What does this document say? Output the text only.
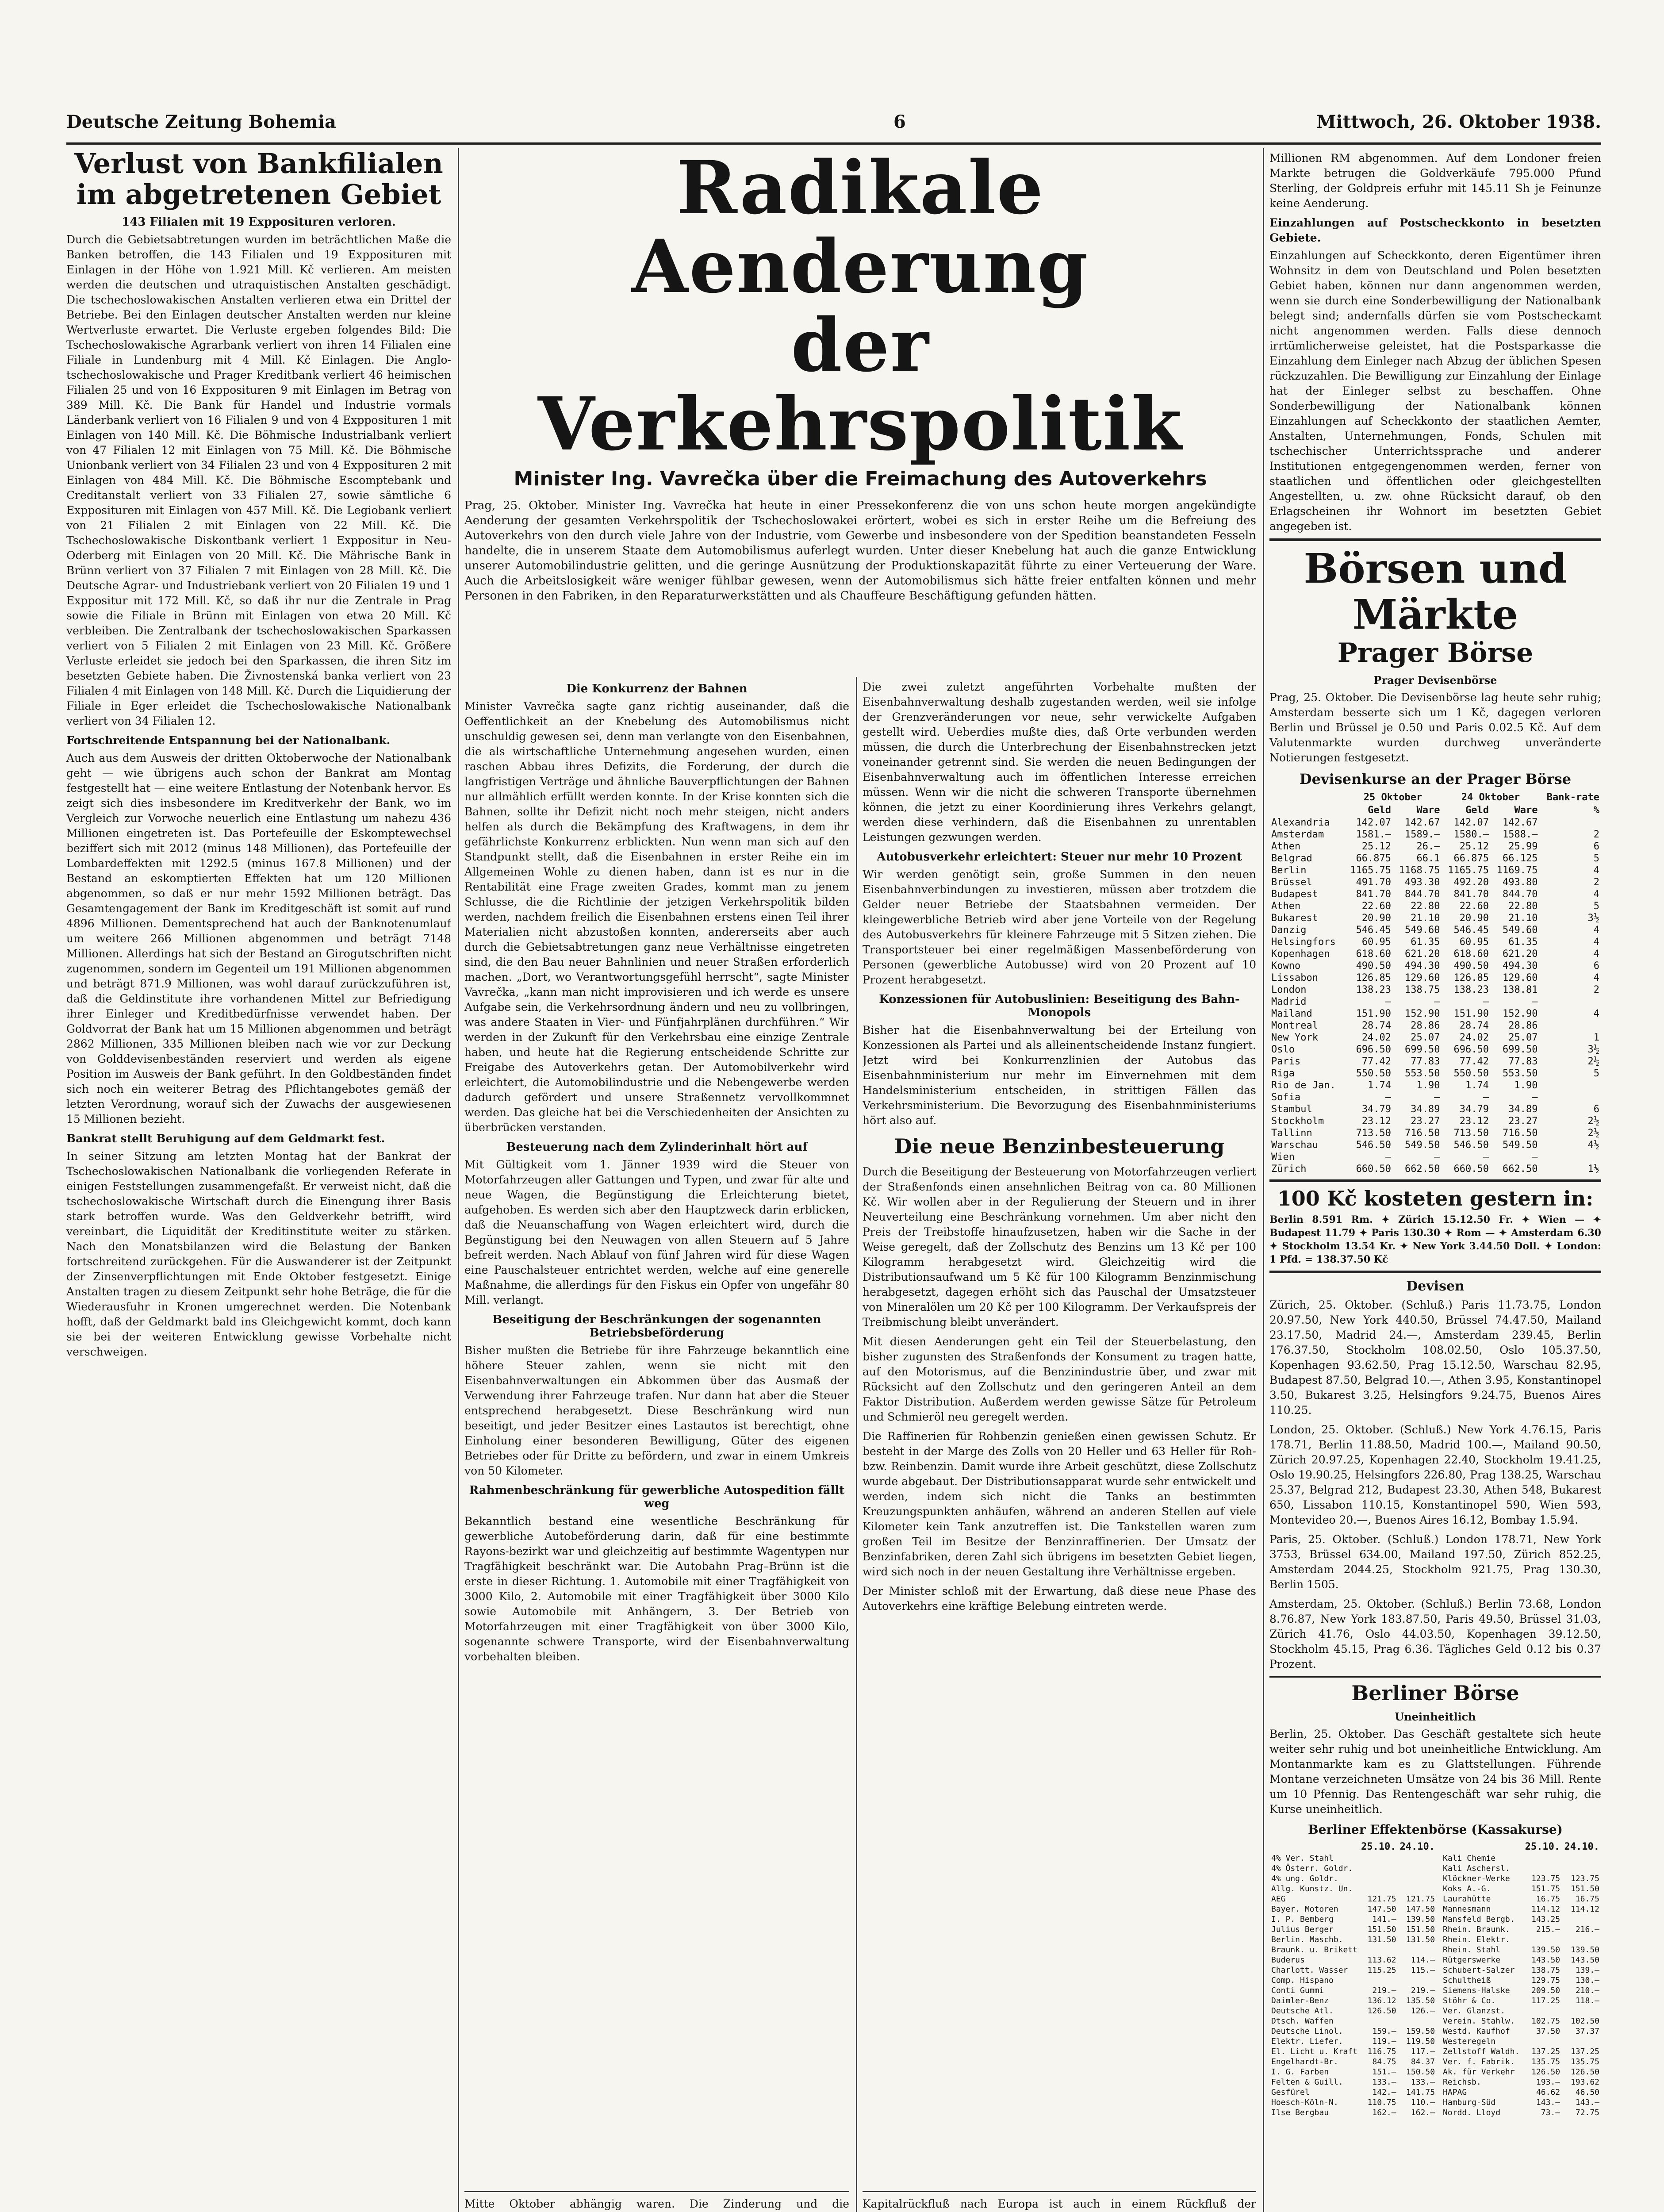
Deutsche Zeitung Bohemia	6	Mittwoch, 26. Oktober 1938.
Verlust von Bankfilialen
im abgetretenen Gebiet
143 Filialen mit 19 Expposituren verloren.
Durch die Gebietsabtretungen wurden im beträchtlichen Maße die Banken betroffen, die 143 Filialen und 19 Expposituren mit Einlagen in der Höhe von 1.921 Mill. Kč verlieren. Am meisten werden die deutschen und utraquistischen Anstalten geschädigt. Die tschechoslowakischen Anstalten verlieren etwa ein Drittel der Betriebe. Bei den Einlagen deutscher Anstalten werden nur kleine Wertverluste erwartet. Die Verluste ergeben folgendes Bild: Die Tschechoslowakische Agrarbank verliert von ihren 14 Filialen eine Filiale in Lundenburg mit 4 Mill. Kč Einlagen. Die Anglo-tschechoslowakische und Prager Kreditbank verliert 46 heimischen Filialen 25 und von 16 Expposituren 9 mit Einlagen im Betrag von 389 Mill. Kč. Die Bank für Handel und Industrie vormals Länderbank verliert von 16 Filialen 9 und von 4 Expposituren 1 mit Einlagen von 140 Mill. Kč. Die Böhmische Industrialbank verliert von 47 Filialen 12 mit Einlagen von 75 Mill. Kč. Die Böhmische Unionbank verliert von 34 Filialen 23 und von 4 Expposituren 2 mit Einlagen von 484 Mill. Kč. Die Böhmische Escomptebank und Creditanstalt verliert von 33 Filialen 27, sowie sämtliche 6 Expposituren mit Einlagen von 457 Mill. Kč. Die Legiobank verliert von 21 Filialen 2 mit Einlagen von 22 Mill. Kč. Die Tschechoslowakische Diskontbank verliert 1 Exppositur in Neu-Oderberg mit Einlagen von 20 Mill. Kč. Die Mährische Bank in Brünn verliert von 37 Filialen 7 mit Einlagen von 28 Mill. Kč. Die Deutsche Agrar- und Industriebank verliert von 20 Filialen 19 und 1 Exppositur mit 172 Mill. Kč, so daß ihr nur die Zentrale in Prag sowie die Filiale in Brünn mit Einlagen von etwa 20 Mill. Kč verbleiben. Die Zentralbank der tschechoslowakischen Sparkassen verliert von 5 Filialen 2 mit Einlagen von 23 Mill. Kč. Größere Verluste erleidet sie jedoch bei den Sparkassen, die ihren Sitz im besetzten Gebiete haben. Die Živnostenská banka verliert von 23 Filialen 4 mit Einlagen von 148 Mill. Kč. Durch die Liquidierung der Filiale in Eger erleidet die Tschechoslowakische Nationalbank verliert von 34 Filialen 12.
Fortschreitende Entspannung bei der Nationalbank.
Auch aus dem Ausweis der dritten Oktoberwoche der Nationalbank geht — wie übrigens auch schon der Bankrat am Montag festgestellt hat — eine weitere Entlastung der Notenbank hervor. Es zeigt sich dies insbesondere im Kreditverkehr der Bank, wo im Vergleich zur Vorwoche neuerlich eine Entlastung um nahezu 436 Millionen eingetreten ist. Das Portefeuille der Eskomptewechsel beziffert sich mit 2012 (minus 148 Millionen), das Portefeuille der Lombardeffekten mit 1292.5 (minus 167.8 Millionen) und der Bestand an eskomptierten Effekten hat um 120 Millionen abgenommen, so daß er nur mehr 1592 Millionen beträgt. Das Gesamtengagement der Bank im Kreditgeschäft ist somit auf rund 4896 Millionen. Dementsprechend hat auch der Banknotenumlauf um weitere 266 Millionen abgenommen und beträgt 7148 Millionen. Allerdings hat sich der Bestand an Girogutschriften nicht zugenommen, sondern im Gegenteil um 191 Millionen abgenommen und beträgt 871.9 Millionen, was wohl darauf zurückzuführen ist, daß die Geldinstitute ihre vorhandenen Mittel zur Befriedigung ihrer Einleger und Kreditbedürfnisse verwendet haben. Der Goldvorrat der Bank hat um 15 Millionen abgenommen und beträgt 2862 Millionen, 335 Millionen bleiben nach wie vor zur Deckung von Golddevisenbeständen reserviert und werden als eigene Position im Ausweis der Bank geführt. In den Goldbeständen findet sich noch ein weiterer Betrag des Pflichtangebotes gemäß der letzten Verordnung, worauf sich der Zuwachs der ausgewiesenen 15 Millionen bezieht.
Bankrat stellt Beruhigung auf dem Geldmarkt fest.
In seiner Sitzung am letzten Montag hat der Bankrat der Tschechoslowakischen Nationalbank die vorliegenden Referate in einigen Feststellungen zusammengefaßt. Er verweist nicht, daß die tschechoslowakische Wirtschaft durch die Einengung ihrer Basis stark betroffen wurde. Was den Geldverkehr betrifft, wird vereinbart, die Liquidität der Kreditinstitute weiter zu stärken. Nach den Monatsbilanzen wird die Belastung der Banken fortschreitend zurückgehen. Für die Auswanderer ist der Zeitpunkt der Zinsenverpflichtungen mit Ende Oktober festgesetzt. Einige Anstalten tragen zu diesem Zeitpunkt sehr hohe Beträge, die für die Wiederausfuhr in Kronen umgerechnet werden. Die Notenbank hofft, daß der Geldmarkt bald ins Gleichgewicht kommt, doch kann sie bei der weiteren Entwicklung gewisse Vorbehalte nicht verschweigen.
Radikale Aenderung
der Verkehrspolitik
Minister Ing. Vavrečka über die Freimachung des Autoverkehrs
Prag, 25. Oktober. Minister Ing. Vavrečka hat heute in einer Pressekonferenz die von uns schon heute morgen angekündigte Aenderung der gesamten Verkehrspolitik der Tschechoslowakei erörtert, wobei es sich in erster Reihe um die Befreiung des Autoverkehrs von den durch viele Jahre von der Industrie, vom Gewerbe und insbesondere von der Spedition beanstandeten Fesseln handelte, die in unserem Staate dem Automobilismus auferlegt wurden. Unter dieser Knebelung hat auch die ganze Entwicklung unserer Automobilindustrie gelitten, und die geringe Ausnützung der Produktionskapazität führte zu einer Verteuerung der Ware. Auch die Arbeitslosigkeit wäre weniger fühlbar gewesen, wenn der Automobilismus sich hätte freier entfalten können und mehr Personen in den Fabriken, in den Reparaturwerkstätten und als Chauffeure Beschäftigung gefunden hätten.
Die Konkurrenz der Bahnen
Minister Vavrečka sagte ganz richtig auseinander, daß die Oeffentlichkeit an der Knebelung des Automobilismus nicht unschuldig gewesen sei, denn man verlangte von den Eisenbahnen, die als wirtschaftliche Unternehmung angesehen wurden, einen raschen Abbau ihres Defizits, die Forderung, der durch die langfristigen Verträge und ähnliche Bauverpflichtungen der Bahnen nur allmählich erfüllt werden konnte. In der Krise konnten sich die Bahnen, sollte ihr Defizit nicht noch mehr steigen, nicht anders helfen als durch die Bekämpfung des Kraftwagens, in dem ihr gefährlichste Konkurrenz erblickten. Nun wenn man sich auf den Standpunkt stellt, daß die Eisenbahnen in erster Reihe ein im Allgemeinen Wohle zu dienen haben, dann ist es nur in die Rentabilität eine Frage zweiten Grades, kommt man zu jenem Schlusse, die die Richtlinie der jetzigen Verkehrspolitik bilden werden, nachdem freilich die Eisenbahnen erstens einen Teil ihrer Materialien nicht abzustoßen konnten, andererseits aber auch durch die Gebietsabtretungen ganz neue Verhältnisse eingetreten sind, die den Bau neuer Bahnlinien und neuer Straßen erforderlich machen. „Dort, wo Verantwortungsgefühl herrscht“, sagte Minister Vavrečka, „kann man nicht improvisieren und ich werde es unsere Aufgabe sein, die Verkehrsordnung ändern und neu zu vollbringen, was andere Staaten in Vier- und Fünfjahrplänen durchführen.“ Wir werden in der Zukunft für den Verkehrsbau eine einzige Zentrale haben, und heute hat die Regierung entscheidende Schritte zur Freigabe des Autoverkehrs getan. Der Automobilverkehr wird erleichtert, die Automobilindustrie und die Nebengewerbe werden dadurch gefördert und unsere Straßennetz vervollkommnet werden. Das gleiche hat bei die Verschiedenheiten der Ansichten zu überbrücken verstanden.
Besteuerung nach dem Zylinderinhalt hört auf
Mit Gültigkeit vom 1. Jänner 1939 wird die Steuer von Motorfahrzeugen aller Gattungen und Typen, und zwar für alte und neue Wagen, die Begünstigung die Erleichterung bietet, aufgehoben. Es werden sich aber den Hauptzweck darin erblicken, daß die Neuanschaffung von Wagen erleichtert wird, durch die Begünstigung bei den Neuwagen von allen Steuern auf 5 Jahre befreit werden. Nach Ablauf von fünf Jahren wird für diese Wagen eine Pauschalsteuer entrichtet werden, welche auf eine generelle Maßnahme, die allerdings für den Fiskus ein Opfer von ungefähr 80 Mill. verlangt.
Beseitigung der Beschränkungen der sogenannten Betriebsbeförderung
Bisher mußten die Betriebe für ihre Fahrzeuge bekanntlich eine höhere Steuer zahlen, wenn sie nicht mit den Eisenbahnverwaltungen ein Abkommen über das Ausmaß der Verwendung ihrer Fahrzeuge trafen. Nur dann hat aber die Steuer entsprechend herabgesetzt. Diese Beschränkung wird nun beseitigt, und jeder Besitzer eines Lastautos ist berechtigt, ohne Einholung einer besonderen Bewilligung, Güter des eigenen Betriebes oder für Dritte zu befördern, und zwar in einem Umkreis von 50 Kilometer.
Rahmenbeschränkung für gewerbliche Autospedition fällt weg
Bekanntlich bestand eine wesentliche Beschränkung für gewerbliche Autobeförderung darin, daß für eine bestimmte Rayons-bezirkt war und gleichzeitig auf bestimmte Wagentypen nur Tragfähigkeit beschränkt war. Die Autobahn Prag–Brünn ist die erste in dieser Richtung. 1. Automobile mit einer Tragfähigkeit von 3000 Kilo, 2. Automobile mit einer Tragfähigkeit über 3000 Kilo sowie Automobile mit Anhängern, 3. Der Betrieb von Motorfahrzeugen mit einer Tragfähigkeit von über 3000 Kilo, sogenannte schwere Transporte, wird der Eisenbahnverwaltung vorbehalten bleiben.
Mitte Oktober abhängig waren. Die Zinderung und die
Die zwei zuletzt angeführten Vorbehalte mußten der Eisenbahnverwaltung deshalb zugestanden werden, weil sie infolge der Grenzveränderungen vor neue, sehr verwickelte Aufgaben gestellt wird. Ueberdies mußte dies, daß Orte verbunden werden müssen, die durch die Unterbrechung der Eisenbahnstrecken jetzt voneinander getrennt sind. Sie werden die neuen Bedingungen der Eisenbahnverwaltung auch im öffentlichen Interesse erreichen müssen. Wenn wir die nicht die schweren Transporte übernehmen können, die jetzt zu einer Koordinierung ihres Verkehrs gelangt, werden diese verhindern, daß die Eisenbahnen zu unrentablen Leistungen gezwungen werden.
Autobusverkehr erleichtert: Steuer nur mehr 10 Prozent
Wir werden genötigt sein, große Summen in den neuen Eisenbahnverbindungen zu investieren, müssen aber trotzdem die Gelder neuer Betriebe der Staatsbahnen vermeiden. Der kleingewerbliche Betrieb wird aber jene Vorteile von der Regelung des Autobusverkehrs für kleinere Fahrzeuge mit 5 Sitzen ziehen. Die Transportsteuer bei einer regelmäßigen Massenbeförderung von Personen (gewerbliche Autobusse) wird von 20 Prozent auf 10 Prozent herabgesetzt.
Konzessionen für Autobuslinien: Beseitigung des Bahn-Monopols
Bisher hat die Eisenbahnverwaltung bei der Erteilung von Konzessionen als Partei und als alleinentscheidende Instanz fungiert. Jetzt wird bei Konkurrenzlinien der Autobus das Eisenbahnministerium nur mehr im Einvernehmen mit dem Handelsministerium entscheiden, in strittigen Fällen das Verkehrsministerium. Die Bevorzugung des Eisenbahnministeriums hört also auf.
Die neue Benzinbesteuerung
Durch die Beseitigung der Besteuerung von Motorfahrzeugen verliert der Straßenfonds einen ansehnlichen Beitrag von ca. 80 Millionen Kč. Wir wollen aber in der Regulierung der Steuern und in ihrer Neuverteilung eine Beschränkung vornehmen. Um aber nicht den Preis der Treibstoffe hinaufzusetzen, haben wir die Sache in der Weise geregelt, daß der Zollschutz des Benzins um 13 Kč per 100 Kilogramm herabgesetzt wird. Gleichzeitig wird die Distributionsaufwand um 5 Kč für 100 Kilogramm Benzinmischung herabgesetzt, dagegen erhöht sich das Pauschal der Umsatzsteuer von Mineralölen um 20 Kč per 100 Kilogramm. Der Verkaufspreis der Treibmischung bleibt unverändert.
Mit diesen Aenderungen geht ein Teil der Steuerbelastung, den bisher zugunsten des Straßenfonds der Konsument zu tragen hatte, auf den Motorismus, auf die Benzinindustrie über, und zwar mit Rücksicht auf den Zollschutz und den geringeren Anteil an dem Faktor Distribution. Außerdem werden gewisse Sätze für Petroleum und Schmieröl neu geregelt werden.
Die Raffinerien für Rohbenzin genießen einen gewissen Schutz. Er besteht in der Marge des Zolls von 20 Heller und 63 Heller für Roh- bzw. Reinbenzin. Damit wurde ihre Arbeit geschützt, diese Zollschutz wurde abgebaut. Der Distributionsapparat wurde sehr entwickelt und werden, indem sich nicht die Tanks an bestimmten Kreuzungspunkten anhäufen, während an anderen Stellen auf viele Kilometer kein Tank anzutreffen ist. Die Tankstellen waren zum großen Teil im Besitze der Benzinraffinerien. Der Umsatz der Benzinfabriken, deren Zahl sich übrigens im besetzten Gebiet liegen, wird sich noch in der neuen Gestaltung ihre Verhältnisse ergeben.
Der Minister schloß mit der Erwartung, daß diese neue Phase des Autoverkehrs eine kräftige Belebung eintreten werde.
Kapitalrückfluß nach Europa ist auch in einem Rückfluß der
Millionen RM abgenommen. Auf dem Londoner freien Markte betrugen die Goldverkäufe 795.000 Pfund Sterling, der Goldpreis erfuhr mit 145.11 Sh je Feinunze keine Aenderung.
Einzahlungen auf Postscheckkonto in besetzten Gebiete.
Einzahlungen auf Scheckkonto, deren Eigentümer ihren Wohnsitz in dem von Deutschland und Polen besetzten Gebiet haben, können nur dann angenommen werden, wenn sie durch eine Sonderbewilligung der Nationalbank belegt sind; andernfalls dürfen sie vom Postscheckamt nicht angenommen werden. Falls diese dennoch irrtümlicherweise geleistet, hat die Postsparkasse die Einzahlung dem Einleger nach Abzug der üblichen Spesen rückzuzahlen. Die Bewilligung zur Einzahlung der Einlage hat der Einleger selbst zu beschaffen. Ohne Sonderbewilligung der Nationalbank können Einzahlungen auf Scheckkonto der staatlichen Aemter, Anstalten, Unternehmungen, Fonds, Schulen mit tschechischer Unterrichtssprache und anderer Institutionen entgegengenommen werden, ferner von staatlichen und öffentlichen oder gleichgestellten Angestellten, u. zw. ohne Rücksicht darauf, ob den Erlagscheinen ihr Wohnort im besetzten Gebiet angegeben ist.
Börsen und Märkte
Prager Börse
Prager Devisenbörse
Prag, 25. Oktober. Die Devisenbörse lag heute sehr ruhig; Amsterdam besserte sich um 1 Kč, dagegen verloren Berlin und Brüssel je 0.50 und Paris 0.02.5 Kč. Auf dem Valutenmarkte wurden durchweg unveränderte Notierungen festgesetzt.
Devisenkurse an der Prager Börse
	25 Oktober		24 Oktober		Bank-rate
	Geld	Ware	Geld	Ware	%
Alexandria	142.07	142.67	142.07	142.67	
Amsterdam	1581.—	1589.—	1580.—	1588.—	2
Athen	25.12	26.—	25.12	25.99	6
Belgrad	66.875	66.1	66.875	66.125	5
Berlin	1165.75	1168.75	1165.75	1169.75	4
Brüssel	491.70	493.30	492.20	493.80	2
Budapest	841.70	844.70	841.70	844.70	4
Athen	22.60	22.80	22.60	22.80	5
Bukarest	20.90	21.10	20.90	21.10	3½
Danzig	546.45	549.60	546.45	549.60	4
Helsingfors	60.95	61.35	60.95	61.35	4
Kopenhagen	618.60	621.20	618.60	621.20	4
Kowno	490.50	494.30	490.50	494.30	6
Lissabon	126.85	129.60	126.85	129.60	4
London	138.23	138.75	138.23	138.81	2
Madrid	—	—	—	—	
Mailand	151.90	152.90	151.90	152.90	4
Montreal	28.74	28.86	28.74	28.86	
New York	24.02	25.07	24.02	25.07	1
Oslo	696.50	699.50	696.50	699.50	3½
Paris	77.42	77.83	77.42	77.83	2½
Riga	550.50	553.50	550.50	553.50	5
Rio de Jan.	1.74	1.90	1.74	1.90	
Sofia	—	—	—	—	
Stambul	34.79	34.89	34.79	34.89	6
Stockholm	23.12	23.27	23.12	23.27	2½
Tallinn	713.50	716.50	713.50	716.50	2½
Warschau	546.50	549.50	546.50	549.50	4½
Wien	—	—	—	—	
Zürich	660.50	662.50	660.50	662.50	1½
100 Kč kosteten gestern in:
Berlin 8.591 Rm. ✦ Zürich 15.12.50 Fr. ✦ Wien — ✦ Budapest 11.79 ✦ Paris 130.30 ✦ Rom — ✦ Amsterdam 6.30 ✦ Stockholm 13.54 Kr. ✦ New York 3.44.50 Doll. ✦ London: 1 Pfd. = 138.37.50 Kč
Devisen
Zürich, 25. Oktober. (Schluß.) Paris 11.73.75, London 20.97.50, New York 440.50, Brüssel 74.47.50, Mailand 23.17.50, Madrid 24.—, Amsterdam 239.45, Berlin 176.37.50, Stockholm 108.02.50, Oslo 105.37.50, Kopenhagen 93.62.50, Prag 15.12.50, Warschau 82.95, Budapest 87.50, Belgrad 10.—, Athen 3.95, Konstantinopel 3.50, Bukarest 3.25, Helsingfors 9.24.75, Buenos Aires 110.25.
London, 25. Oktober. (Schluß.) New York 4.76.15, Paris 178.71, Berlin 11.88.50, Madrid 100.—, Mailand 90.50, Zürich 20.97.25, Kopenhagen 22.40, Stockholm 19.41.25, Oslo 19.90.25, Helsingfors 226.80, Prag 138.25, Warschau 25.37, Belgrad 212, Budapest 23.30, Athen 548, Bukarest 650, Lissabon 110.15, Konstantinopel 590, Wien 593, Montevideo 20.—, Buenos Aires 16.12, Bombay 1.5.94.
Paris, 25. Oktober. (Schluß.) London 178.71, New York 3753, Brüssel 634.00, Mailand 197.50, Zürich 852.25, Amsterdam 2044.25, Stockholm 921.75, Prag 130.30, Berlin 1505.
Amsterdam, 25. Oktober. (Schluß.) Berlin 73.68, London 8.76.87, New York 183.87.50, Paris 49.50, Brüssel 31.03, Zürich 41.76, Oslo 44.03.50, Kopenhagen 39.12.50, Stockholm 45.15, Prag 6.36. Tägliches Geld 0.12 bis 0.37 Prozent.
Berliner Börse
Uneinheitlich
Berlin, 25. Oktober. Das Geschäft gestaltete sich heute weiter sehr ruhig und bot uneinheitliche Entwicklung. Am Montanmarkte kam es zu Glattstellungen. Führende Montane verzeichneten Umsätze von 24 bis 36 Mill. Rente um 10 Pfennig. Das Rentengeschäft war sehr ruhig, die Kurse uneinheitlich.
Berliner Effektenbörse (Kassakurse)
	25.10.	24.10.
4% Ver. Stahl		
4% Österr. Goldr.		
4% ung. Goldr.		
Allg. Kunstz. Un.		
AEG	121.75	121.75
Bayer. Motoren	147.50	147.50
I. P. Bemberg	141.—	139.50
Julius Berger	151.50	151.50
Berlin. Maschb.	131.50	131.50
Braunk. u. Brikett		
Buderus	113.62	114.—
Charlott. Wasser	115.25	115.—
Comp. Hispano		
Conti Gummi	219.—	219.—
Daimler-Benz	136.12	135.50
Deutsche Atl.	126.50	126.—
Dtsch. Waffen		
Deutsche Linol.	159.—	159.50
Elektr. Liefer.	119.—	119.50
El. Licht u. Kraft	116.75	117.—
Engelhardt-Br.	84.75	84.37
I. G. Farben	151.—	150.50
Felten & Guill.	133.—	133.—
Gesfürel	142.—	141.75
Hoesch-Köln-N.	110.75	110.—
Ilse Bergbau	162.—	162.—
	25.10.	24.10.
Kali Chemie		
Kali Aschersl.		
Klöckner-Werke	123.75	123.75
Koks A.-G.	151.75	151.50
Laurahütte	16.75	16.75
Mannesmann	114.12	114.12
Mansfeld Bergb.	143.25	
Rhein. Braunk.	215.—	216.—
Rhein. Elektr.		
Rhein. Stahl	139.50	139.50
Rütgerswerke	143.50	143.50
Schubert-Salzer	138.75	139.—
Schultheiß	129.75	130.—
Siemens-Halske	209.50	210.—
Stöhr & Co.	117.25	118.—
Ver. Glanzst.		
Verein. Stahlw.	102.75	102.50
Westd. Kaufhof	37.50	37.37
Westeregeln		
Zellstoff Waldh.	137.25	137.25
Ver. f. Fabrik.	135.75	135.75
Ak. für Verkehr	126.50	126.50
Reichsb.	193.—	193.62
HAPAG	46.62	46.50
Hamburg-Süd	143.—	143.—
Nordd. Lloyd	73.—	72.75
